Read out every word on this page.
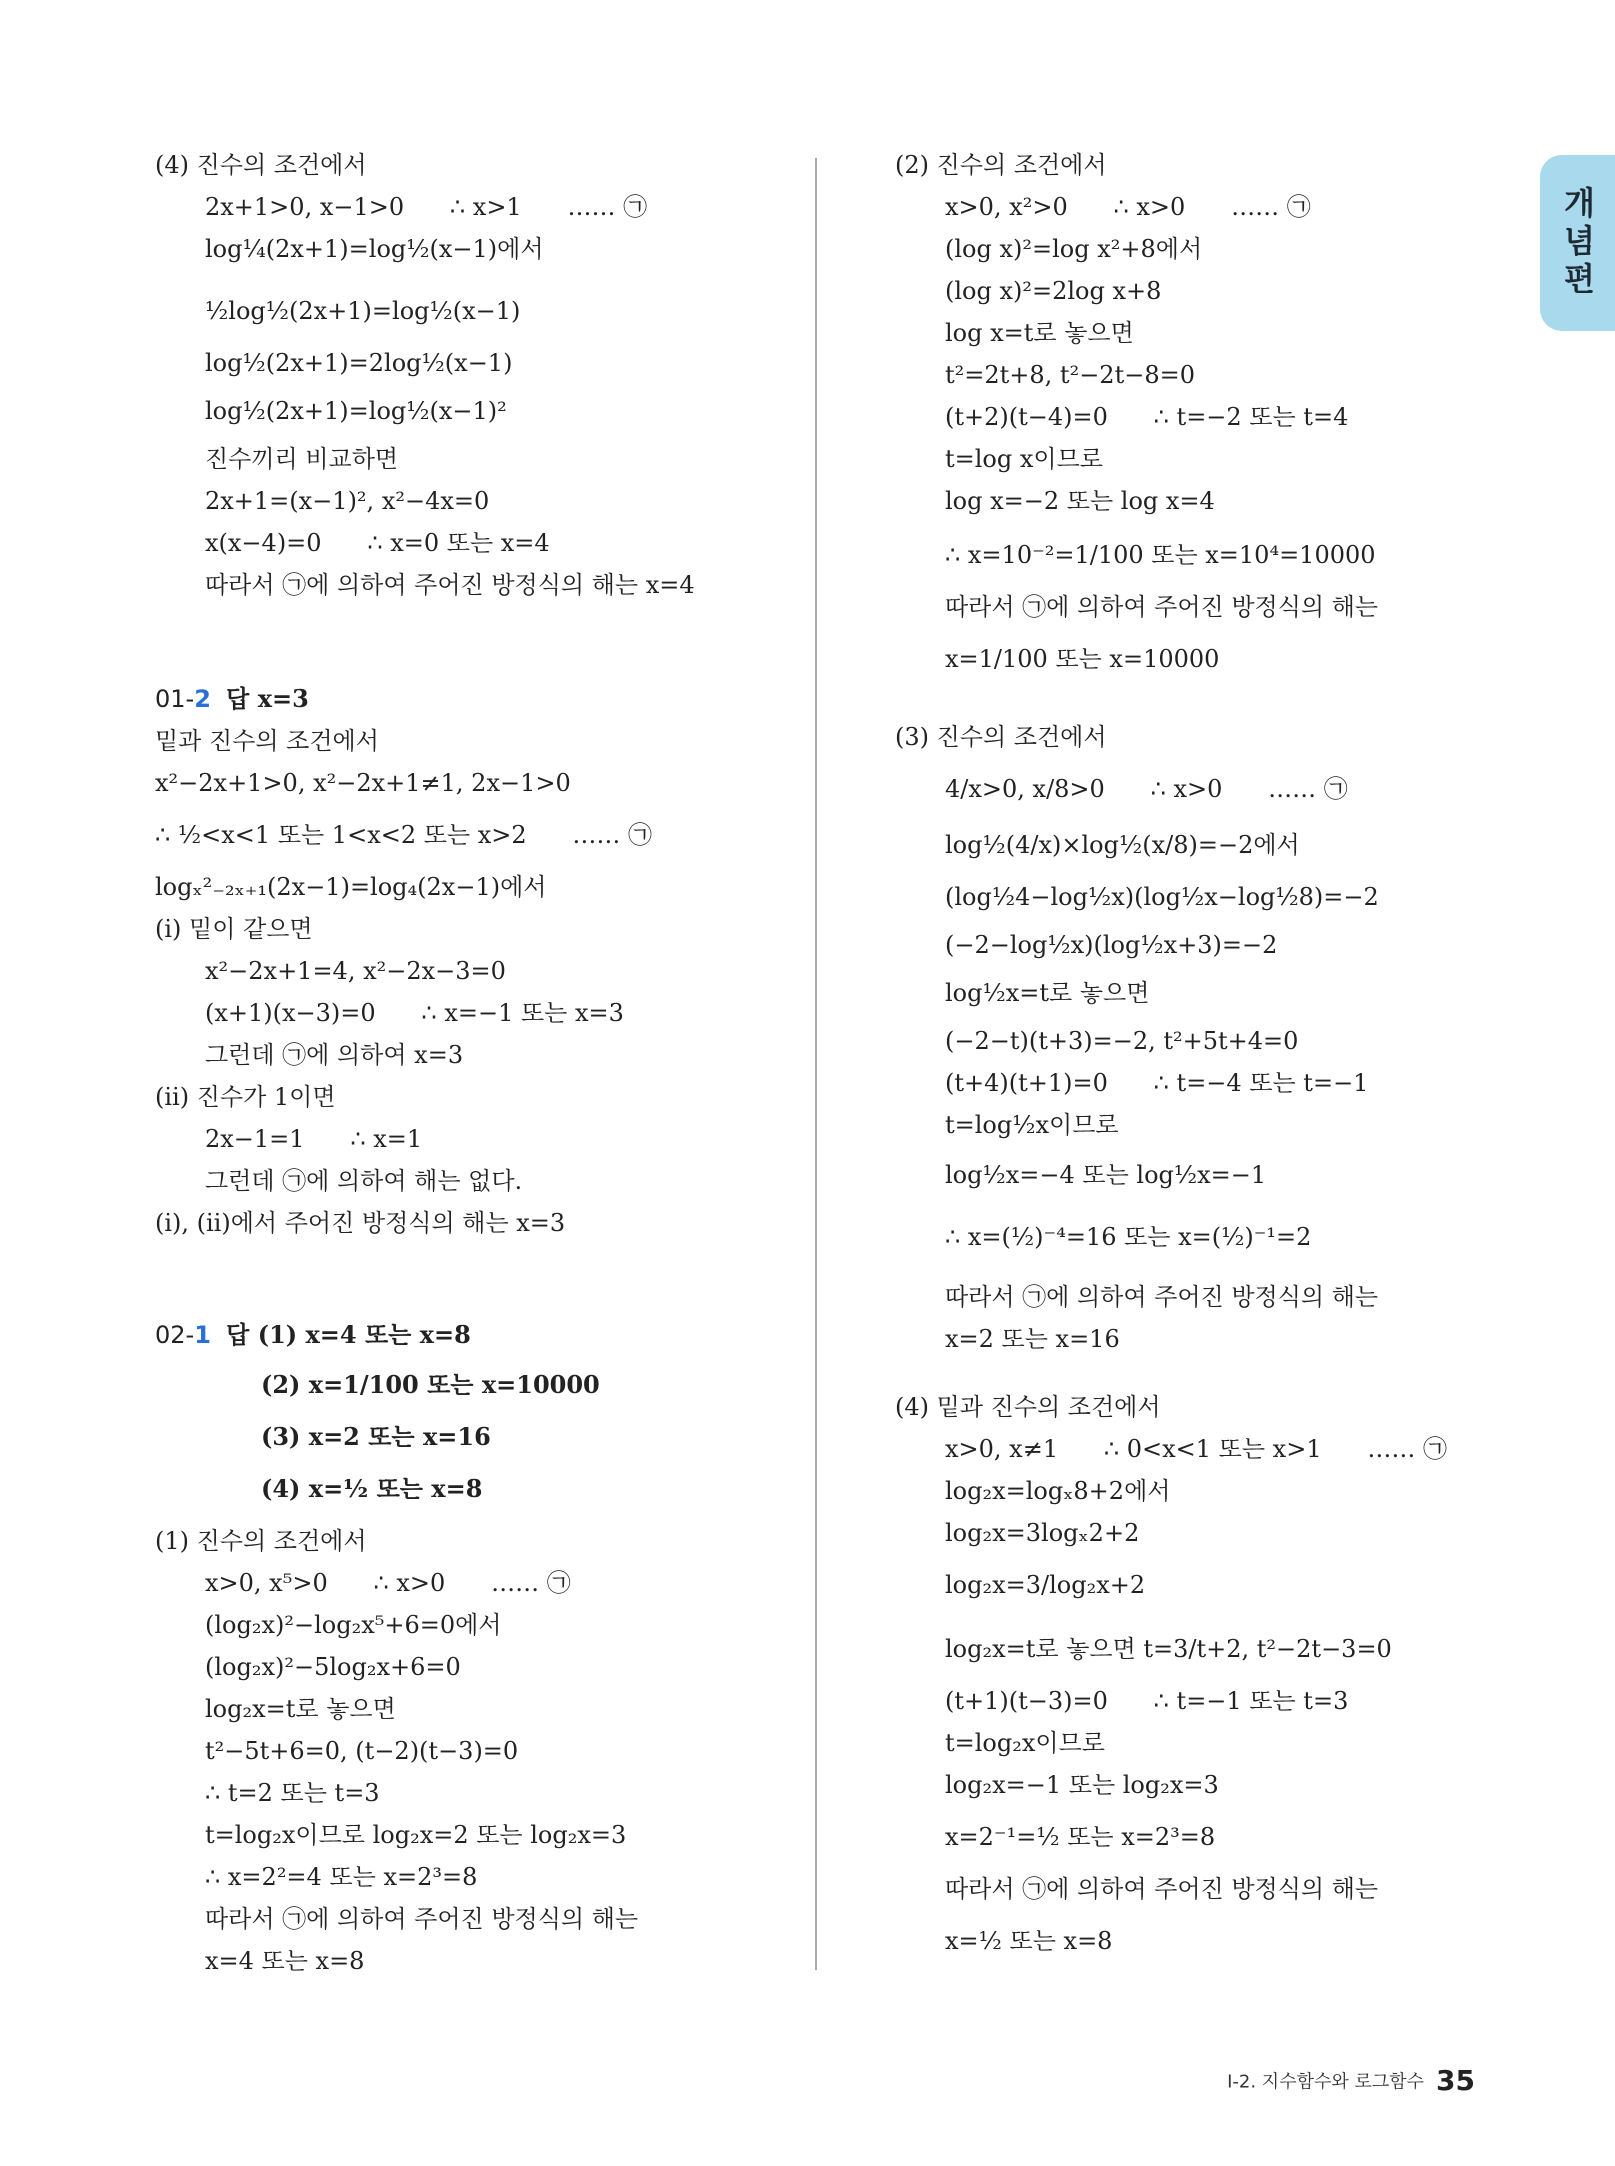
개념편
(4) 진수의 조건에서
2x+1>0, x−1>0      ∴ x>1      …… ㉠
log¼(2x+1)=log½(x−1)에서
½log½(2x+1)=log½(x−1)
log½(2x+1)=2log½(x−1)
log½(2x+1)=log½(x−1)²
진수끼리 비교하면
2x+1=(x−1)², x²−4x=0
x(x−4)=0      ∴ x=0 또는 x=4
따라서 ㉠에 의하여 주어진 방정식의 해는 x=4
01-2 답 x=3
밑과 진수의 조건에서
x²−2x+1>0, x²−2x+1≠1, 2x−1>0
∴ ½<x<1 또는 1<x<2 또는 x>2      …… ㉠
logₓ²₋₂ₓ₊₁(2x−1)=log₄(2x−1)에서
(ⅰ) 밑이 같으면
x²−2x+1=4, x²−2x−3=0
(x+1)(x−3)=0      ∴ x=−1 또는 x=3
그런데 ㉠에 의하여 x=3
(ⅱ) 진수가 1이면
2x−1=1      ∴ x=1
그런데 ㉠에 의하여 해는 없다.
(ⅰ), (ⅱ)에서 주어진 방정식의 해는 x=3
02-1 답 (1) x=4 또는 x=8
(2) x=1/100 또는 x=10000
(3) x=2 또는 x=16
(4) x=½ 또는 x=8
(1) 진수의 조건에서
x>0, x⁵>0      ∴ x>0      …… ㉠
(log₂x)²−log₂x⁵+6=0에서
(log₂x)²−5log₂x+6=0
log₂x=t로 놓으면
t²−5t+6=0, (t−2)(t−3)=0
∴ t=2 또는 t=3
t=log₂x이므로 log₂x=2 또는 log₂x=3
∴ x=2²=4 또는 x=2³=8
따라서 ㉠에 의하여 주어진 방정식의 해는
x=4 또는 x=8
(2) 진수의 조건에서
x>0, x²>0      ∴ x>0      …… ㉠
(log x)²=log x²+8에서
(log x)²=2log x+8
log x=t로 놓으면
t²=2t+8, t²−2t−8=0
(t+2)(t−4)=0      ∴ t=−2 또는 t=4
t=log x이므로
log x=−2 또는 log x=4
∴ x=10⁻²=1/100 또는 x=10⁴=10000
따라서 ㉠에 의하여 주어진 방정식의 해는
x=1/100 또는 x=10000
(3) 진수의 조건에서
4/x>0, x/8>0      ∴ x>0      …… ㉠
log½(4/x)×log½(x/8)=−2에서
(log½4−log½x)(log½x−log½8)=−2
(−2−log½x)(log½x+3)=−2
log½x=t로 놓으면
(−2−t)(t+3)=−2, t²+5t+4=0
(t+4)(t+1)=0      ∴ t=−4 또는 t=−1
t=log½x이므로
log½x=−4 또는 log½x=−1
∴ x=(½)⁻⁴=16 또는 x=(½)⁻¹=2
따라서 ㉠에 의하여 주어진 방정식의 해는
x=2 또는 x=16
(4) 밑과 진수의 조건에서
x>0, x≠1      ∴ 0<x<1 또는 x>1      …… ㉠
log₂x=logₓ8+2에서
log₂x=3logₓ2+2
log₂x=3/log₂x+2
log₂x=t로 놓으면 t=3/t+2, t²−2t−3=0
(t+1)(t−3)=0      ∴ t=−1 또는 t=3
t=log₂x이므로
log₂x=−1 또는 log₂x=3
x=2⁻¹=½ 또는 x=2³=8
따라서 ㉠에 의하여 주어진 방정식의 해는
x=½ 또는 x=8

Ⅰ-2. 지수함수와 로그함수 35
